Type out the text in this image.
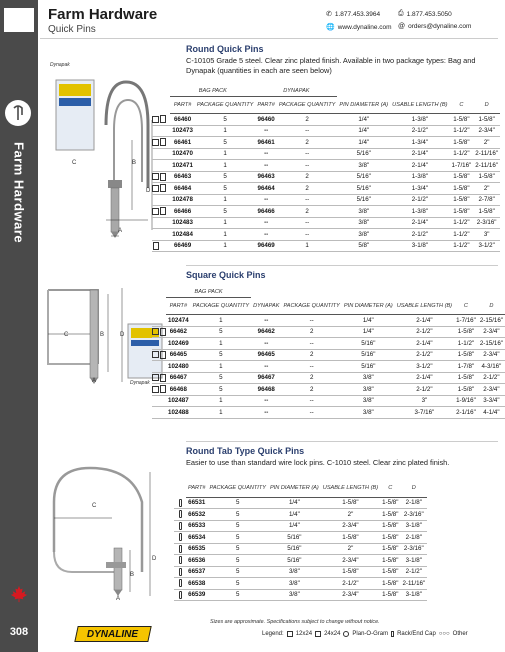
Farm Hardware
308
Farm Hardware
Quick Pins
✆ 1.877.453.3964	⎙ 1.877.453.5050
🌐 www.dynaline.com @ orders@dynaline.com
Dynapak
C	B
D
A
Round Quick Pins
C-10105 Grade 5 steel. Clear zinc plated finish. Available in two package types: Bag and Dynapak (quantities in each are seen below)
	BAG PACK		DYNAPAK					
	PART#	PACKAGE QUANTITY	PART#	PACKAGE QUANTITY	PIN DIAMETER (A)	USABLE LENGTH (B)	C	D
	66460	5	96460	2	1/4"	1-3/8"	1-5/8"	1-5/8"
	102473	1	--	--	1/4"	2-1/2"	1-1/2"	2-3/4"
	66461	5	96461	2	1/4"	1-3/4"	1-5/8"	2"
	102470	1	--	--	5/16"	2-1/4"	1-1/2"	2-11/16"
	102471	1	--	--	3/8"	2-1/4"	1-7/16"	2-11/16"
	66463	5	96463	2	5/16"	1-3/8"	1-5/8"	1-5/8"
	66464	5	96464	2	5/16"	1-3/4"	1-5/8"	2"
	102478	1	--	--	5/16"	2-1/2"	1-5/8"	2-7/8"
	66466	5	96466	2	3/8"	1-3/8"	1-5/8"	1-5/8"
	102483	1	--	--	3/8"	2-1/4"	1-1/2"	2-3/16"
	102484	1	--	--	3/8"	2-1/2"	1-1/2"	3"
	66469	1	96469	1	5/8"	3-1/8"	1-1/2"	3-1/2"
C	B	D
A	Dynapak
Square Quick Pins
	BAG PACK							
	PART#	PACKAGE QUANTITY	DYNAPAK	PACKAGE QUANTITY	PIN DIAMETER (A)	USABLE LENGTH (B)	C	D
	102474	1	--	--	1/4"	2-1/4"	1-7/16"	2-15/16"
	66462	5	96462	2	1/4"	2-1/2"	1-5/8"	2-3/4"
	102469	1	--	--	5/16"	2-1/4"	1-1/2"	2-15/16"
	66465	5	96465	2	5/16"	2-1/2"	1-5/8"	2-3/4"
	102480	1	--	--	5/16"	3-1/2"	1-7/8"	4-3/16"
	66467	5	96467	2	3/8"	2-1/4"	1-5/8"	2-1/2"
	66468	5	96468	2	3/8"	2-1/2"	1-5/8"	2-3/4"
	102487	1	--	--	3/8"	3"	1-9/16"	3-3/4"
	102488	1	--	--	3/8"	3-7/16"	2-1/16"	4-1/4"
C
B
D
A
Round Tab Type Quick Pins
Easier to use than standard wire lock pins. C-1010 steel. Clear zinc plated finish.
	PART#	PACKAGE QUANTITY	PIN DIAMETER (A)	USABLE LENGTH (B)	C	D
	66531	5	1/4"	1-5/8"	1-5/8"	2-1/8"
	66532	5	1/4"	2"	1-5/8"	2-3/16"
	66533	5	1/4"	2-3/4"	1-5/8"	3-1/8"
	66534	5	5/16"	1-5/8"	1-5/8"	2-1/8"
	66535	5	5/16"	2"	1-5/8"	2-3/16"
	66536	5	5/16"	2-3/4"	1-5/8"	3-1/8"
	66537	5	3/8"	1-5/8"	1-5/8"	2-1/2"
	66538	5	3/8"	2-1/2"	1-5/8"	2-11/16"
	66539	5	3/8"	2-3/4"	1-5/8"	3-1/8"
Sizes are approximate. Specifications subject to change without notice.
DYNALINE	Legend: 12x24 24x24 Plan-O-Gram Rack/End Cap ○○○ Other
